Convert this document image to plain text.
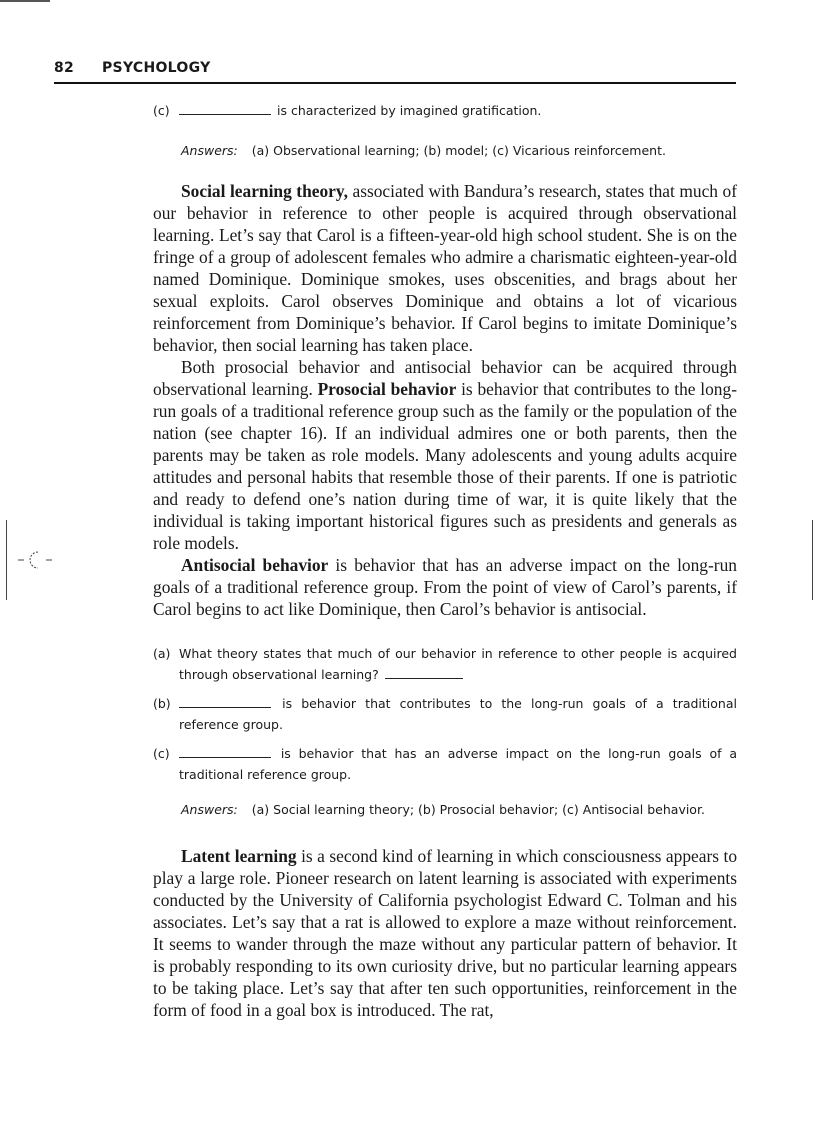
82 PSYCHOLOGY
(c)	is characterized by imagined gratification.
Answers: (a) Observational learning; (b) model; (c) Vicarious reinforcement.

Social learning theory, associated with Bandura’s research, states that much of our behavior in reference to other people is acquired through observational learning. Let’s say that Carol is a fifteen-year-old high school student. She is on the fringe of a group of adolescent females who admire a charismatic eighteen-year-old named Dominique. Dominique smokes, uses obscenities, and brags about her sexual exploits. Carol observes Dominique and obtains a lot of vicarious reinforcement from Dominique’s behavior. If Carol begins to imitate Dominique’s behavior, then social learning has taken place.

Both prosocial behavior and antisocial behavior can be acquired through observational learning. Prosocial behavior is behavior that contributes to the long-run goals of a traditional reference group such as the family or the population of the nation (see chapter 16). If an individual admires one or both parents, then the parents may be taken as role models. Many adolescents and young adults acquire attitudes and personal habits that resemble those of their parents. If one is patriotic and ready to defend one’s nation during time of war, it is quite likely that the individual is taking important historical figures such as presidents and generals as role models.

Antisocial behavior is behavior that has an adverse impact on the long-run goals of a traditional reference group. From the point of view of Carol’s parents, if Carol begins to act like Dominique, then Carol’s behavior is antisocial.

(a) What theory states that much of our behavior in reference to other people is acquired through observational learning?
(b)	is behavior that contributes to the long-run goals of a traditional reference group.
(c)	is behavior that has an adverse impact on the long-run goals of a traditional reference group.
Answers: (a) Social learning theory; (b) Prosocial behavior; (c) Antisocial behavior.

Latent learning is a second kind of learning in which consciousness appears to play a large role. Pioneer research on latent learning is associated with experiments conducted by the University of California psychologist Edward C. Tolman and his associates. Let’s say that a rat is allowed to explore a maze without reinforcement. It seems to wander through the maze without any particular pattern of behavior. It is probably responding to its own curiosity drive, but no particular learning appears to be taking place. Let’s say that after ten such opportunities, reinforcement in the form of food in a goal box is introduced. The rat,
